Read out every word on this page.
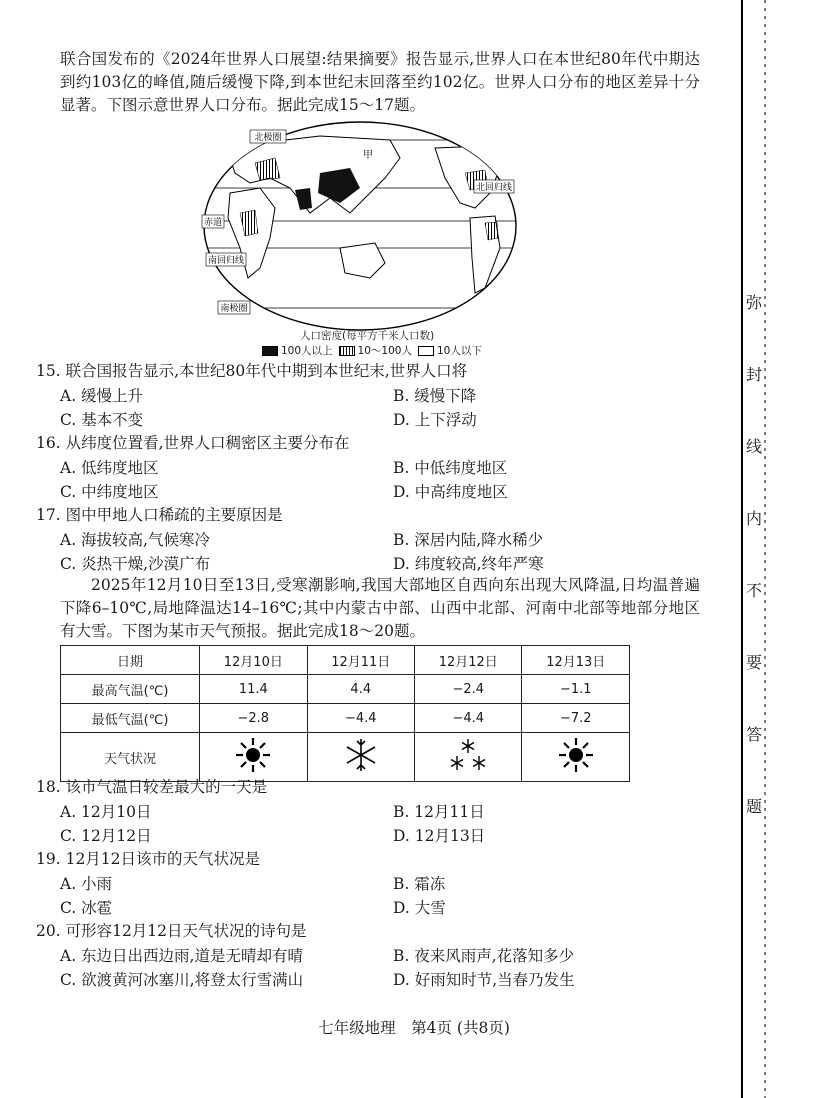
联合国发布的《2024年世界人口展望:结果摘要》报告显示,世界人口在本世纪80年代中期达到约103亿的峰值,随后缓慢下降,到本世纪末回落至约102亿。世界人口分布的地区差异十分显著。下图示意世界人口分布。据此完成15～17题。
北极圈
甲
北回归线
赤道
南回归线
南极圈
人口密度(每平方千米人口数)
100人以上 10～100人 10人以下
15. 联合国报告显示,本世纪80年代中期到本世纪末,世界人口将
A. 缓慢上升	B. 缓慢下降
C. 基本不变	D. 上下浮动
16. 从纬度位置看,世界人口稠密区主要分布在
A. 低纬度地区	B. 中低纬度地区
C. 中纬度地区	D. 中高纬度地区
17. 图中甲地人口稀疏的主要原因是
A. 海拔较高,气候寒冷	B. 深居内陆,降水稀少
C. 炎热干燥,沙漠广布	D. 纬度较高,终年严寒
2025年12月10日至13日,受寒潮影响,我国大部地区自西向东出现大风降温,日均温普遍下降6–10℃,局地降温达14–16℃;其中内蒙古中部、山西中北部、河南中北部等地部分地区有大雪。下图为某市天气预报。据此完成18～20题。
日期	12月10日	12月11日	12月12日	12月13日
最高气温(℃)	11.4	4.4	−2.4	−1.1
最低气温(℃)	−2.8	−4.4	−4.4	−7.2
天气状况				
18. 该市气温日较差最大的一天是
A. 12月10日	B. 12月11日
C. 12月12日	D. 12月13日
19. 12月12日该市的天气状况是
A. 小雨	B. 霜冻
C. 冰雹	D. 大雪
20. 可形容12月12日天气状况的诗句是
A. 东边日出西边雨,道是无晴却有晴	B. 夜来风雨声,花落知多少
C. 欲渡黄河冰塞川,将登太行雪满山	D. 好雨知时节,当春乃发生
弥
封
线
内
不
要
答
题
七年级地理　第4页 (共8页)
